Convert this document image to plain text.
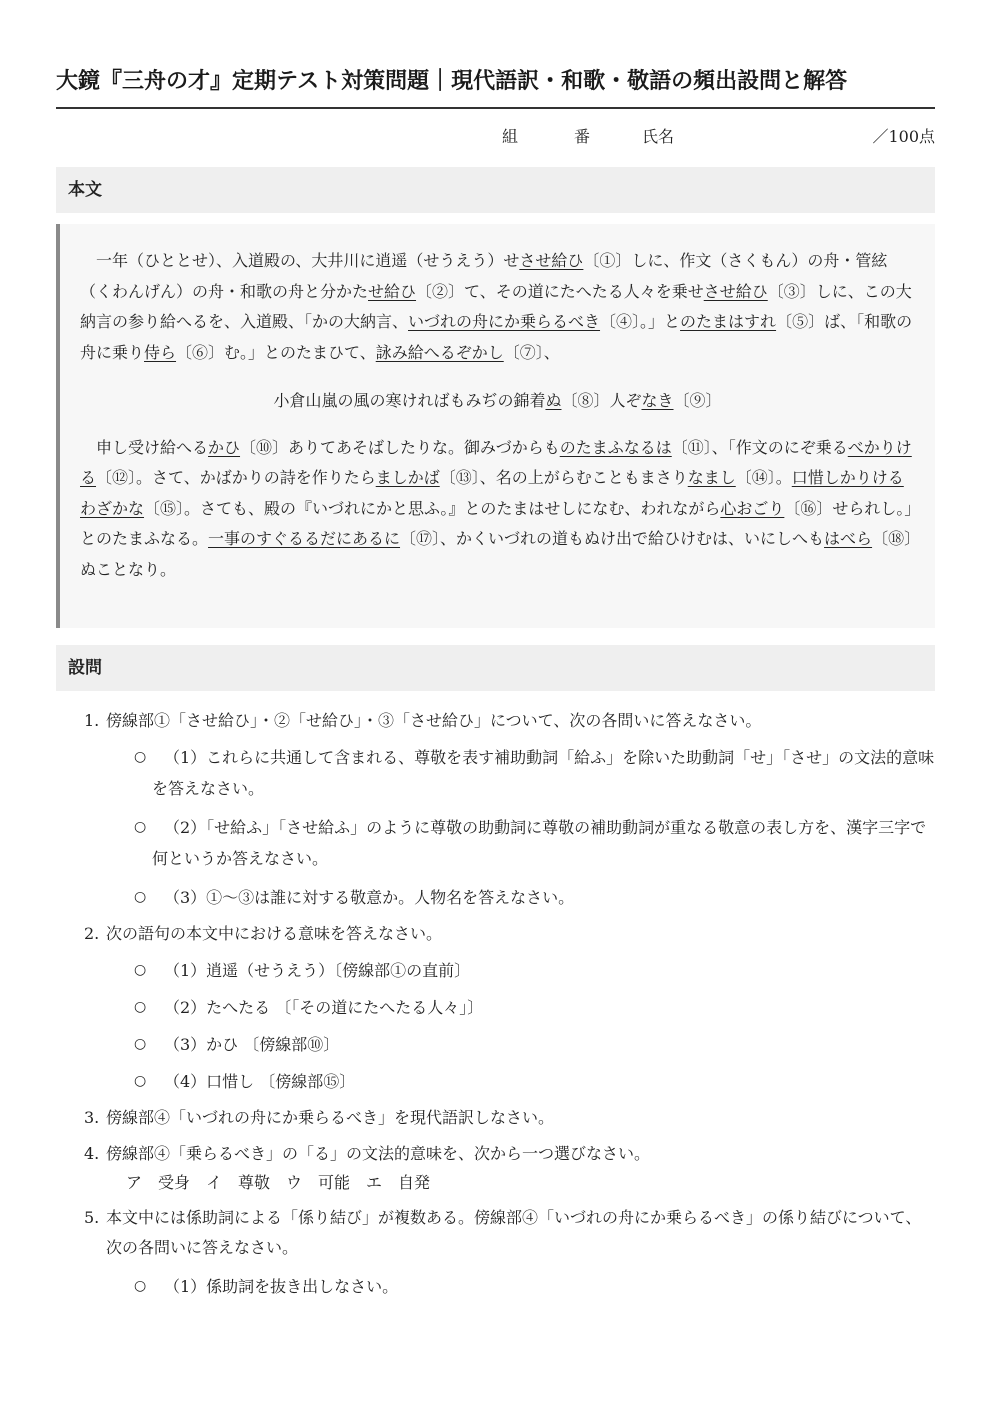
大鏡『三舟の才』定期テスト対策問題｜現代語訳・和歌・敬語の頻出設問と解答
組	番	氏名	／100点
本文

一年（ひととせ）、入道殿の、大井川に逍遥（せうえう）せさせ給ひ〔①〕しに、作文（さくもん）の舟・管絃（くわんげん）の舟・和歌の舟と分かたせ給ひ〔②〕て、その道にたへたる人々を乗せさせ給ひ〔③〕しに、この大納言の参り給へるを、入道殿、「かの大納言、いづれの舟にか乗らるべき〔④〕。」とのたまはすれ〔⑤〕ば、「和歌の舟に乗り侍ら〔⑥〕む。」とのたまひて、詠み給へるぞかし〔⑦〕、

小倉山嵐の風の寒ければもみぢの錦着ぬ〔⑧〕人ぞなき〔⑨〕

申し受け給へるかひ〔⑩〕ありてあそばしたりな。御みづからものたまふなるは〔⑪〕、「作文のにぞ乗るべかりける〔⑫〕。さて、かばかりの詩を作りたらましかば〔⑬〕、名の上がらむこともまさりなまし〔⑭〕。口惜しかりけるわざかな〔⑮〕。さても、殿の『いづれにかと思ふ。』とのたまはせしになむ、われながら心おごり〔⑯〕せられし。」とのたまふなる。一事のすぐるるだにあるに〔⑰〕、かくいづれの道もぬけ出で給ひけむは、いにしへもはべら〔⑱〕ぬことなり。

設問
1. 傍線部①「させ給ひ」・②「せ給ひ」・③「させ給ひ」について、次の各問いに答えなさい。
○	（1）これらに共通して含まれる、尊敬を表す補助動詞「給ふ」を除いた助動詞「せ」「させ」の文法的意味を答えなさい。
○	（2）「せ給ふ」「させ給ふ」のように尊敬の助動詞に尊敬の補助動詞が重なる敬意の表し方を、漢字三字で何というか答えなさい。
○	（3）①〜③は誰に対する敬意か。人物名を答えなさい。
2. 次の語句の本文中における意味を答えなさい。
○	（1）逍遥（せうえう）〔傍線部①の直前〕
○	（2）たへたる 〔「その道にたへたる人々」〕
○	（3）かひ 〔傍線部⑩〕
○	（4）口惜し 〔傍線部⑮〕
3. 傍線部④「いづれの舟にか乗らるべき」を現代語訳しなさい。
4. 傍線部④「乗らるべき」の「る」の文法的意味を、次から一つ選びなさい。
ア　受身　イ　尊敬　ウ　可能　エ　自発
5. 本文中には係助詞による「係り結び」が複数ある。傍線部④「いづれの舟にか乗らるべき」の係り結びについて、次の各問いに答えなさい。
○	（1）係助詞を抜き出しなさい。
